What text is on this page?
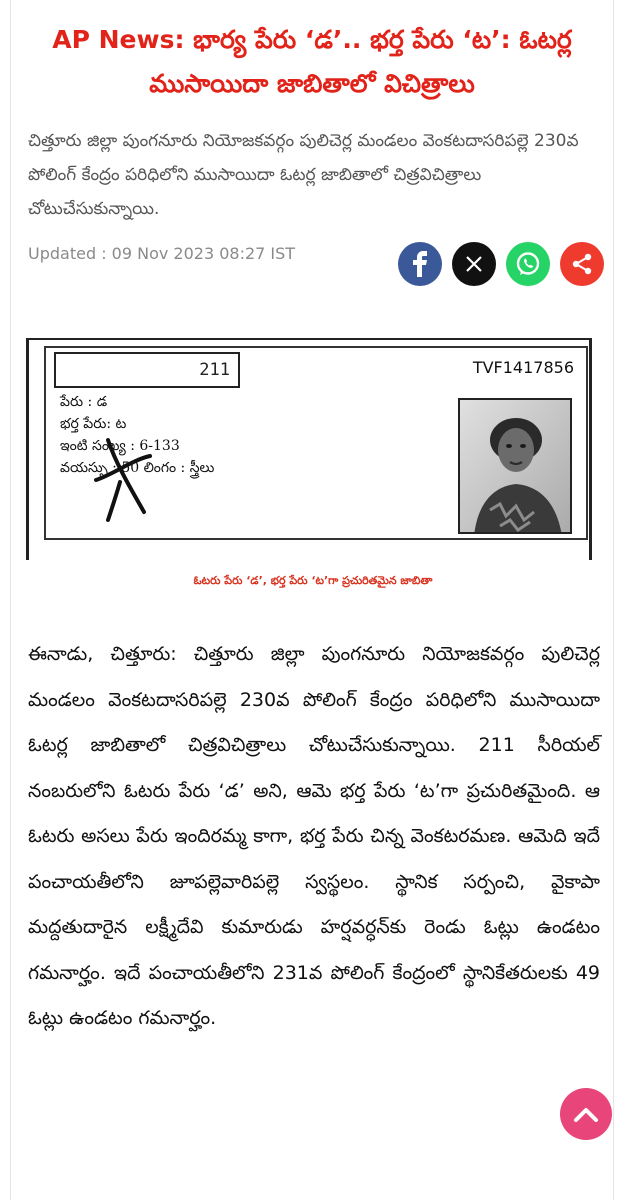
AP News: భార్య పేరు ‘డ’.. భర్త పేరు ‘ట’: ఓటర్ల ముసాయిదా జాబితాలో విచిత్రాలు

చిత్తూరు జిల్లా పుంగనూరు నియోజకవర్గం పులిచెర్ల మండలం వెంకటదాసరిపల్లె 230వ పోలింగ్‌ కేంద్రం పరిధిలోని ముసాయిదా ఓటర్ల జాబితాలో చిత్రవిచిత్రాలు చోటుచేసుకున్నాయి.

Updated : 09 Nov 2023 08:27 IST
211	TVF1417856
పేరు : డ
భర్త పేరు: ట
ఇంటి సంఖ్య : 6-133
వయస్సు : 50 లింగం : స్త్రీలు
ఓటరు పేరు ‘డ’, భర్త పేరు ‘ట’గా ప్రచురితమైన జాబితా

ఈనాడు, చిత్తూరు: చిత్తూరు జిల్లా పుంగనూరు నియోజకవర్గం పులిచెర్ల మండలం వెంకటదాసరిపల్లె 230వ పోలింగ్‌ కేంద్రం పరిధిలోని ముసాయిదా ఓటర్ల జాబితాలో చిత్రవిచిత్రాలు చోటుచేసుకున్నాయి. 211 సీరియల్‌ నంబరులోని ఓటరు పేరు ‘డ’ అని, ఆమె భర్త పేరు ‘ట’గా ప్రచురితమైంది. ఆ ఓటరు అసలు పేరు ఇందిరమ్మ కాగా, భర్త పేరు చిన్న వెంకటరమణ. ఆమెది ఇదే పంచాయతీలోని జూపల్లెవారిపల్లె స్వస్థలం. స్థానిక సర్పంచి, వైకాపా మద్దతుదారైన లక్ష్మీదేవి కుమారుడు హర్షవర్ధన్‌కు రెండు ఓట్లు ఉండటం గమనార్హం. ఇదే పంచాయతీలోని 231వ పోలింగ్‌ కేంద్రంలో స్థానికేతరులకు 49 ఓట్లు ఉండటం గమనార్హం.
